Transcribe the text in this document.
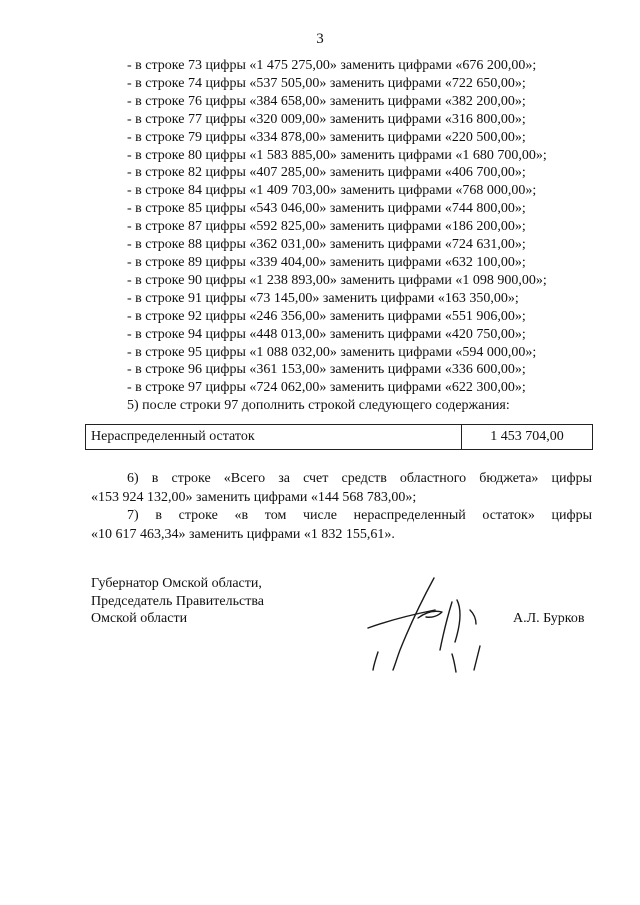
3
- в строке 73 цифры «1 475 275,00» заменить цифрами «676 200,00»;
- в строке 74 цифры «537 505,00» заменить цифрами «722 650,00»;
- в строке 76 цифры «384 658,00» заменить цифрами «382 200,00»;
- в строке 77 цифры «320 009,00» заменить цифрами «316 800,00»;
- в строке 79 цифры «334 878,00» заменить цифрами «220 500,00»;
- в строке 80 цифры «1 583 885,00» заменить цифрами «1 680 700,00»;
- в строке 82 цифры «407 285,00» заменить цифрами «406 700,00»;
- в строке 84 цифры «1 409 703,00» заменить цифрами «768 000,00»;
- в строке 85 цифры «543 046,00» заменить цифрами «744 800,00»;
- в строке 87 цифры «592 825,00» заменить цифрами «186 200,00»;
- в строке 88 цифры «362 031,00» заменить цифрами «724 631,00»;
- в строке 89 цифры «339 404,00» заменить цифрами «632 100,00»;
- в строке 90 цифры «1 238 893,00» заменить цифрами «1 098 900,00»;
- в строке 91 цифры «73 145,00» заменить цифрами «163 350,00»;
- в строке 92 цифры «246 356,00» заменить цифрами «551 906,00»;
- в строке 94 цифры «448 013,00» заменить цифрами «420 750,00»;
- в строке 95 цифры «1 088 032,00» заменить цифрами «594 000,00»;
- в строке 96 цифры «361 153,00» заменить цифрами «336 600,00»;
- в строке 97 цифры «724 062,00» заменить цифрами «622 300,00»;
5) после строки 97 дополнить строкой следующего содержания:
Нераспределенный остаток	1 453 704,00
6) в строке «Всего за счет средств областного бюджета» цифры
«153 924 132,00» заменить цифрами «144 568 783,00»;
7) в строке «в том числе нераспределенный остаток» цифры
«10 617 463,34» заменить цифрами «1 832 155,61».
Губернатор Омской области,
Председатель Правительства
Омской области	А.Л. Бурков
